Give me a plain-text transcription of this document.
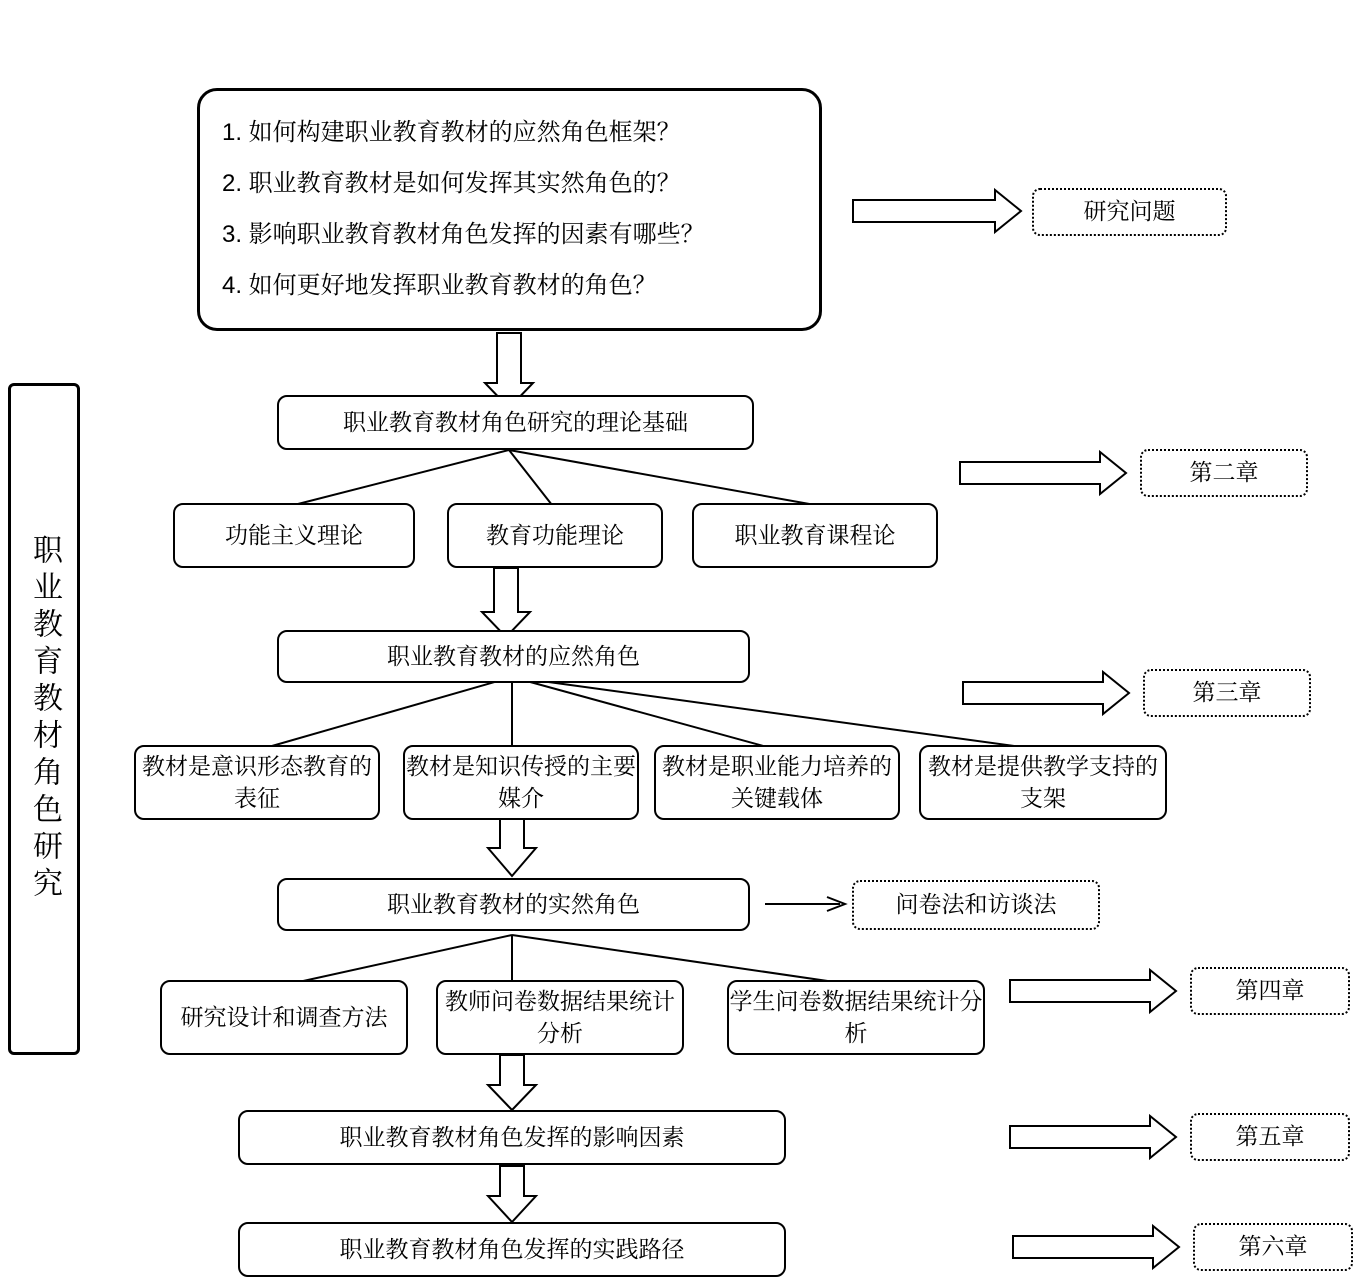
职业教育教材角色研究
1. 如何构建职业教育教材的应然角色框架？
2. 职业教育教材是如何发挥其实然角色的？
3. 影响职业教育教材角色发挥的因素有哪些？
4. 如何更好地发挥职业教育教材的角色？
研究问题
第二章
第三章
第四章
第五章
第六章
问卷法和访谈法
职业教育教材角色研究的理论基础
功能主义理论	教育功能理论	职业教育课程论
职业教育教材的应然角色
教材是意识形态教育的表征
教材是知识传授的主要媒介
教材是职业能力培养的关键载体
教材是提供教学支持的支架
职业教育教材的实然角色
研究设计和调查方法
教师问卷数据结果统计分析
学生问卷数据结果统计分析
职业教育教材角色发挥的影响因素
职业教育教材角色发挥的实践路径
